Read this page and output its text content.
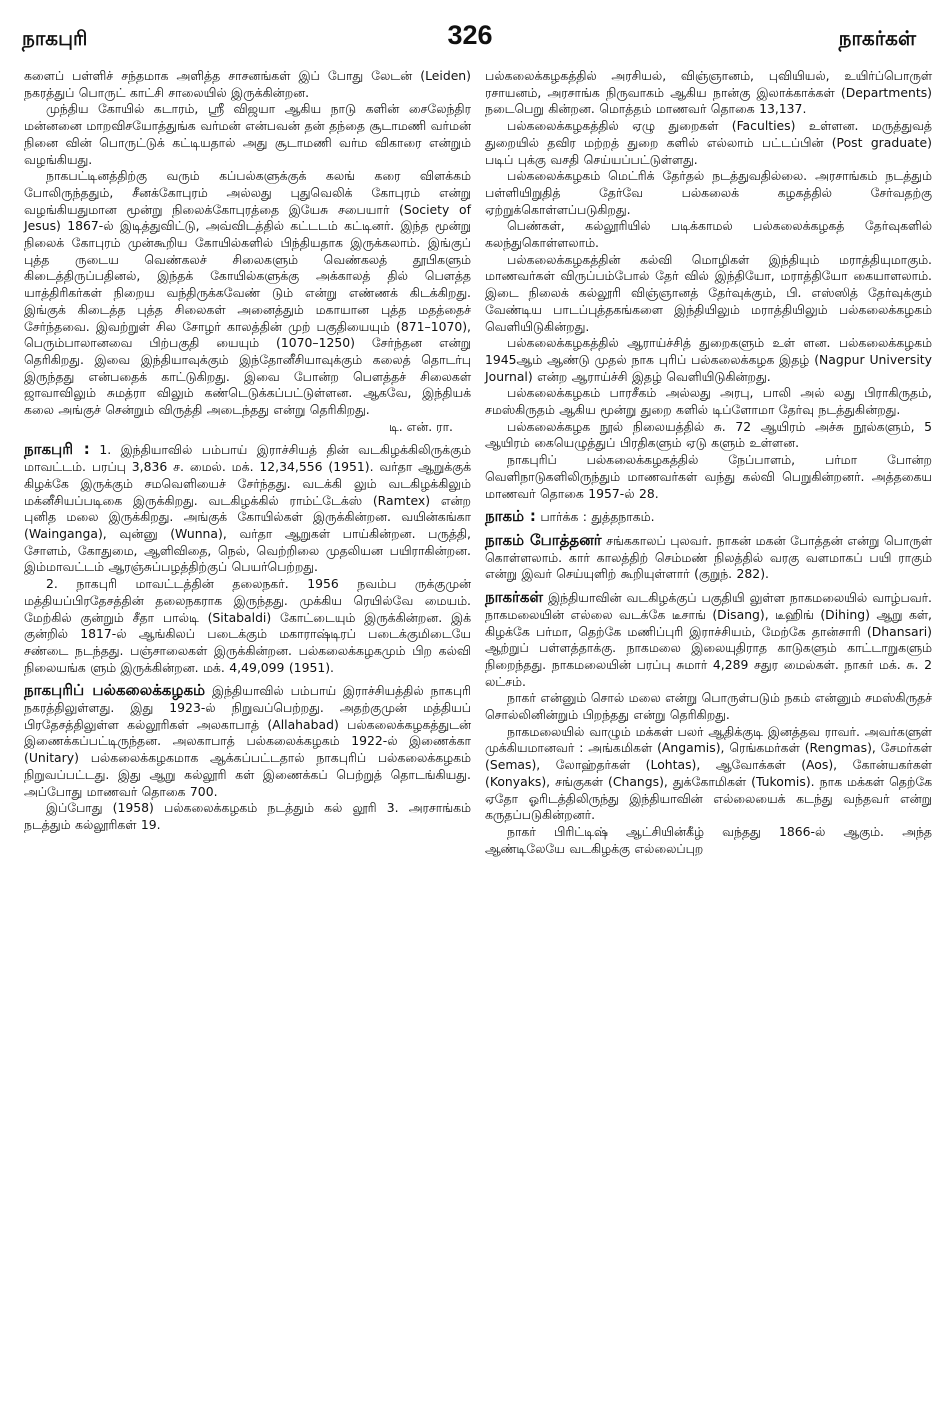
நாகபுரி	326	நாகர்கள்

களைப் பள்ளிச் சந்தமாக அளித்த சாசனங்கள் இப் போது லேடன் (Leiden) நகரத்துப் பொருட் காட்சி சாலையில் இருக்கின்றன.

முந்திய கோயில் கடாரம், ஸ்ரீ விஜயா ஆகிய நாடு களின் சைலேந்திர மன்னனை மாறவிசயோத்துங்க வர்மன் என்பவன் தன் தந்தை சூடாமணி வர்மன் நினை வின் பொருட்டுக் கட்டியதால் அது சூடாமணி வர்ம விகாரை என்றும் வழங்கியது.

நாகபட்டினத்திற்கு வரும் கப்பல்களுக்குக் கலங் கரை விளக்கம் போலிருந்ததும், சீனக்கோபுரம் அல்லது புதுவெலிக் கோபுரம் என்று வழங்கியதுமான மூன்று நிலைக்கோபுரத்தை இயேசு சபையார் (Society of Jesus) 1867-ல் இடித்துவிட்டு, அவ்விடத்தில் கட்டடம் கட்டினர். இந்த மூன்று நிலைக் கோபுரம் முன்கூறிய கோயில்களில் பிந்தியதாக இருக்கலாம். இங்குப் புத்த ருடைய வெண்கலச் சிலைகளும் வெண்கலத் தூபிகளும் கிடைத்திருப்பதினல், இந்தக் கோயில்களுக்கு அக்காலத் தில் பௌத்த யாத்திரிகர்கள் நிறைய வந்திருக்கவேண் டும் என்று எண்ணக் கிடக்கிறது. இங்குக் கிடைத்த புத்த சிலைகள் அனைத்தும் மகாயான புத்த மதத்தைச் சேர்ந்தவை. இவற்றுள் சில சோழர் காலத்தின் முற் பகுதியையும் (871–1070), பெரும்பாலானவை பிற்பகுதி யையும் (1070–1250) சேர்ந்தன என்று தெரிகிறது. இவை இந்தியாவுக்கும் இந்தோனீசியாவுக்கும் கலைத் தொடர்பு இருந்தது என்பதைக் காட்டுகிறது. இவை போன்ற பௌத்தச் சிலைகள் ஜாவாவிலும் சுமத்ரா விலும் கண்டெடுக்கப்பட்டுள்ளன. ஆகவே, இந்தியக் கலை அங்குச் சென்றும் விருத்தி அடைந்தது என்று தெரிகிறது.

டி. என். ரா.

நாகபுரி : 1. இந்தியாவில் பம்பாய் இராச்சியத் தின் வடகிழக்கிலிருக்கும் மாவட்டம். பரப்பு 3,836 ச. மைல். மக். 12,34,556 (1951). வர்தா ஆறுக்குக் கிழக்கே இருக்கும் சமவெளியைச் சேர்ந்தது. வடக்கி லும் வடகிழக்கிலும் மக்னீசியப்படிகை இருக்கிறது. வடகிழக்கில் ராம்ட்டேக்ஸ் (Ramtex) என்ற புனித மலை இருக்கிறது. அங்குக் கோயில்கள் இருக்கின்றன. வயின்கங்கா (Wainganga), வுன்னு (Wunna), வர்தா ஆறுகள் பாய்கின்றன. பருத்தி, சோளம், கோதுமை, ஆளிவிதை, நெல், வெற்றிலை முதலியன பயிராகின்றன. இம்மாவட்டம் ஆரஞ்சுப்பழத்திற்குப் பெயர்பெற்றது.

2. நாகபுரி மாவட்டத்தின் தலைநகர். 1956 நவம்ப ருக்குமுன் மத்தியப்பிரதேசத்தின் தலைநகராக இருந்தது. முக்கிய ரெயில்வே மையம். மேற்கில் குன்றும் சீதா பால்டி (Sitabaldi) கோட்டையும் இருக்கின்றன. இக் குன்றில் 1817-ல் ஆங்கிலப் படைக்கும் மகாராஷ்டிரப் படைக்குமிடையே சண்டை நடந்தது. பஞ்சாலைகள் இருக்கின்றன. பல்கலைக்கழகமும் பிற கல்வி நிலையங்க ளும் இருக்கின்றன. மக். 4,49,099 (1951).

நாகபுரிப் பல்கலைக்கழகம் இந்தியாவில் பம்பாய் இராச்சியத்தில் நாகபுரி நகரத்திலுள்ளது. இது 1923-ல் நிறுவப்பெற்றது. அதற்குமுன் மத்தியப் பிரதேசத்திலுள்ள கல்லூரிகள் அலகாபாத் (Allahabad) பல்கலைக்கழகத்துடன் இணைக்கப்பட்டிருந்தன. அலகாபாத் பல்கலைக்கழகம் 1922-ல் இணைக்கா (Unitary) பல்கலைக்கழகமாக ஆக்கப்பட்டதால் நாகபுரிப் பல்கலைக்கழகம் நிறுவப்பட்டது. இது ஆறு கல்லூரி கள் இணைக்கப் பெற்றுத் தொடங்கியது. அப்போது மாணவர் தொகை 700.

இப்போது (1958) பல்கலைக்கழகம் நடத்தும் கல் லூரி 3. அரசாங்கம் நடத்தும் கல்லூரிகள் 19.

பல்கலைக்கழகத்தில் அரசியல், விஞ்ஞானம், புவியியல், உயிர்ப்பொருள் ரசாயனம், அரசாங்க நிருவாகம் ஆகிய நான்கு இலாக்காக்கள் (Departments) நடைபெறு கின்றன. மொத்தம் மாணவர் தொகை 13,137.

பல்கலைக்கழகத்தில் ஏழு துறைகள் (Faculties) உள்ளன. மருத்துவத் துறையில் தவிர மற்றத் துறை களில் எல்லாம் பட்டப்பின் (Post graduate) படிப் புக்கு வசதி செய்யப்பட்டுள்ளது.

பல்கலைக்கழகம் மெட்ரிக் தேர்தல் நடத்துவதில்லை. அரசாங்கம் நடத்தும் பள்ளியிறுதித் தேர்வே பல்கலைக் கழகத்தில் சேர்வதற்கு ஏற்றுக்கொள்ளப்படுகிறது.

பெண்கள், கல்லூரியில் படிக்காமல் பல்கலைக்கழகத் தேர்வுகளில் கலந்துகொள்ளலாம்.

பல்கலைக்கழகத்தின் கல்வி மொழிகள் இந்தியும் மராத்தியுமாகும். மாணவர்கள் விருப்பம்போல் தேர் வில் இந்தியோ, மராத்தியோ கையாளலாம். இடை நிலைக் கல்லூரி விஞ்ஞானத் தேர்வுக்கும், பி. எஸ்ஸித் தேர்வுக்கும் வேண்டிய பாடப்புத்தகங்களை இந்தியிலும் மராத்தியிலும் பல்கலைக்கழகம் வெளியிடுகின்றது.

பல்கலைக்கழகத்தில் ஆராய்ச்சித் துறைகளும் உள் ளன. பல்கலைக்கழகம் 1945ஆம் ஆண்டு முதல் நாக புரிப் பல்கலைக்கழக இதழ் (Nagpur University Journal) என்ற ஆராய்ச்சி இதழ் வெளியிடுகின்றது.

பல்கலைக்கழகம் பாரசீகம் அல்லது அரபு, பாலி அல் லது பிராகிருதம், சமஸ்கிருதம் ஆகிய மூன்று துறை களில் டிப்ளோமா தேர்வு நடத்துகின்றது.

பல்கலைக்கழக நூல் நிலையத்தில் சு. 72 ஆயிரம் அச்சு நூல்களும், 5 ஆயிரம் கையெழுத்துப் பிரதிகளும் ஏடு களும் உள்ளன.

நாகபுரிப் பல்கலைக்கழகத்தில் நேப்பாளம், பர்மா போன்ற வெளிநாடுகளிலிருந்தும் மாணவர்கள் வந்து கல்வி பெறுகின்றனர். அத்தகைய மாணவர் தொகை 1957-ல் 28.

நாகம் : பார்க்க : துத்தநாகம்.

நாகம் போத்தனர் சங்ககாலப் புலவர். நாகன் மகன் போத்தன் என்று பொருள் கொள்ளலாம். கார் காலத்திற் செம்மண் நிலத்தில் வரகு வளமாகப் பயி ராகும் என்று இவர் செய்யுளிற் கூறியுள்ளார் (குறுந். 282).

நாகர்கள் இந்தியாவின் வடகிழக்குப் பகுதியி லுள்ள நாகமலையில் வாழ்பவர். நாகமலையின் எல்லை வடக்கே டீசாங் (Disang), டீஹிங் (Dihing) ஆறு கள், கிழக்கே பர்மா, தெற்கே மணிப்புரி இராச்சியம், மேற்கே தான்சாரி (Dhansari) ஆற்றுப் பள்ளத்தாக்கு. நாகமலை இலையுதிராத காடுகளும் காட்டாறுகளும் நிறைந்தது. நாகமலையின் பரப்பு சுமார் 4,289 சதுர மைல்கள். நாகர் மக். சு. 2 லட்சம்.

நாகர் என்னும் சொல் மலை என்று பொருள்படும் நகம் என்னும் சமஸ்கிருதச் சொல்லினின்றும் பிறந்தது என்று தெரிகிறது.

நாகமலையில் வாழும் மக்கள் பலர் ஆதிக்குடி இனத்தவ ராவர். அவர்களுள் முக்கியமானவர் : அங்கமிகள் (Angamis), ரெங்கமர்கள் (Rengmas), சேமர்கள் (Semas), லோஹ்தர்கள் (Lohtas), ஆவோக்கள் (Aos), கோன்யகர்கள் (Konyaks), சங்குகள் (Changs), துக்கோமிகள் (Tukomis). நாக மக்கள் தெற்கே ஏதோ ஓரிடத்திலிருந்து இந்தியாவின் எல்லையைக் கடந்து வந்தவர் என்று கருதப்படுகின்றனர்.

நாகர் பிரிட்டிஷ் ஆட்சியின்கீழ் வந்தது 1866-ல் ஆகும். அந்த ஆண்டிலேயே வடகிழக்கு எல்லைப்புற
